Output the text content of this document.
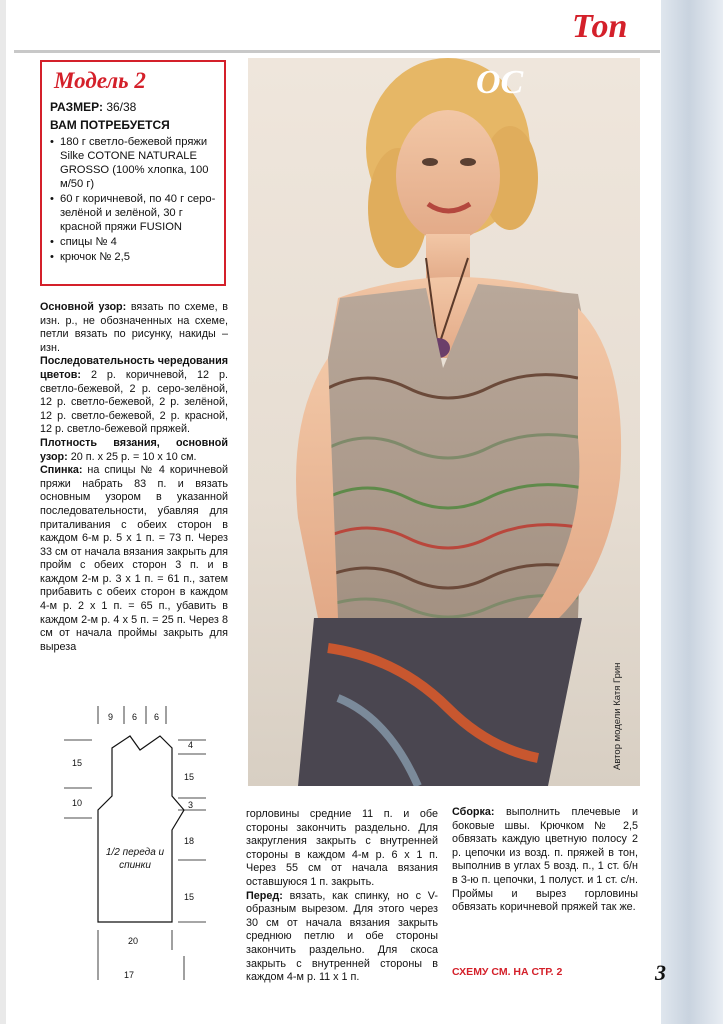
Топ
Модель 2
РАЗМЕР: 36/38
ВАМ ПОТРЕБУЕТСЯ
• 180 г светло-бежевой пряжи Silke COTONE NATURALE GROSSO (100% хлопка, 100 м/50 г)
• 60 г коричневой, по 40 г серо-зелёной и зелёной, 30 г красной пряжи FUSION
• спицы № 4
• крючок № 2,5

Основной узор: вязать по схеме, в изн. р., не обозначенных на схеме, петли вязать по рисунку, накиды – изн.

Последовательность чередования цветов: 2 р. коричневой, 12 р. светло-бежевой, 2 р. серо-зелёной, 12 р. светло-бежевой, 2 р. зелёной, 12 р. светло-бежевой, 2 р. красной, 12 р. светло-бежевой пряжей.

Плотность вязания, основной узор: 20 п. х 25 р. = 10 х 10 см.

Спинка: на спицы № 4 коричневой пряжи набрать 83 п. и вязать основным узором в указанной последовательности, убавляя для приталивания с обеих сторон в каждом 6-м р. 5 х 1 п. = 73 п. Через 33 см от начала вязания закрыть для пройм с обеих сторон 3 п. и в каждом 2-м р. 3 х 1 п. = 61 п., затем прибавить с обеих сторон в каждом 4-м р. 2 х 1 п. = 65 п., убавить в каждом 2-м р. 4 х 5 п. = 25 п. Через 8 см от начала проймы закрыть для выреза

ОС
Автор модели Катя Грин

горловины средние 11 п. и обе стороны закончить раздельно. Для закругления закрыть с внутренней стороны в каждом 4-м р. 6 х 1 п. Через 55 см от начала вязания оставшуюся 1 п. закрыть.

Перед: вязать, как спинку, но с V-образным вырезом. Для этого через 30 см от начала вязания закрыть среднюю петлю и обе стороны закончить раздельно. Для скоса закрыть с внутренней стороны в каждом 4-м р. 11 х 1 п.

Сборка: выполнить плечевые и боковые швы. Крючком № 2,5 обвязать каждую цветную полосу 2 р. цепочки из возд. п. пряжей в тон, выполнив в углах 5 возд. п., 1 ст. б/н в 3-ю п. цепочки, 1 полуст. и 1 ст. с/н. Проймы и вырез горловины обвязать коричневой пряжей так же.

СХЕМУ СМ. НА СТР. 2	3
9 6 6
15
10
4
15
3
18
15
20
17
1/2 переда и спинки
